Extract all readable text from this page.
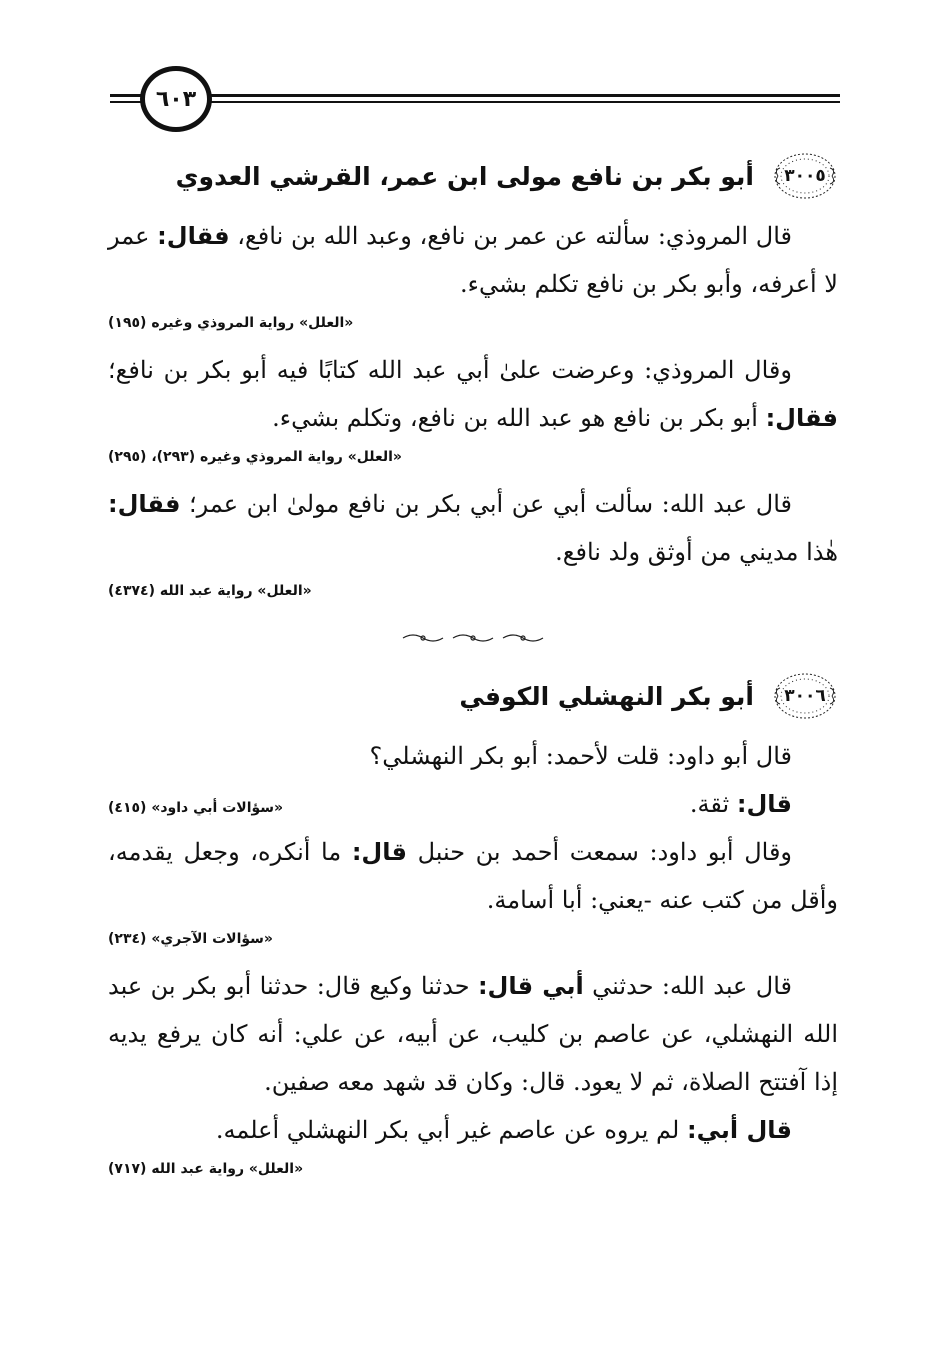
٦٠٣
٣٠٠٥
أبو بكر بن نافع مولى ابن عمر، القرشي العدوي

قال المروذي: سألته عن عمر بن نافع، وعبد الله بن نافع، فقال: عمر لا أعرفه، وأبو بكر بن نافع تكلم بشيء.

«العلل» رواية المروذي وغيره (١٩٥)

وقال المروذي: وعرضت علىٰ أبي عبد الله كتابًا فيه أبو بكر بن نافع؛ فقال: أبو بكر بن نافع هو عبد الله بن نافع، وتكلم بشيء.

«العلل» رواية المروذي وغيره (٢٩٣)، (٢٩٥)

قال عبد الله: سألت أبي عن أبي بكر بن نافع مولىٰ ابن عمر؛ فقال: هٰذا مديني من أوثق ولد نافع.

«العلل» رواية عبد الله (٤٣٧٤)
٣٠٠٦
أبو بكر النهشلي الكوفي

قال أبو داود: قلت لأحمد: أبو بكر النهشلي؟

قال: ثقة.

«سؤالات أبي داود» (٤١٥)

وقال أبو داود: سمعت أحمد بن حنبل قال: ما أنكره، وجعل يقدمه، وأقل من كتب عنه -يعني: أبا أسامة.

«سؤالات الآجري» (٢٣٤)

قال عبد الله: حدثني أبي قال: حدثنا وكيع قال: حدثنا أبو بكر بن عبد الله النهشلي، عن عاصم بن كليب، عن أبيه، عن علي: أنه كان يرفع يديه إذا آفتتح الصلاة، ثم لا يعود. قال: وكان قد شهد معه صفين.

قال أبي: لم يروه عن عاصم غير أبي بكر النهشلي أعلمه.

«العلل» رواية عبد الله (٧١٧)
